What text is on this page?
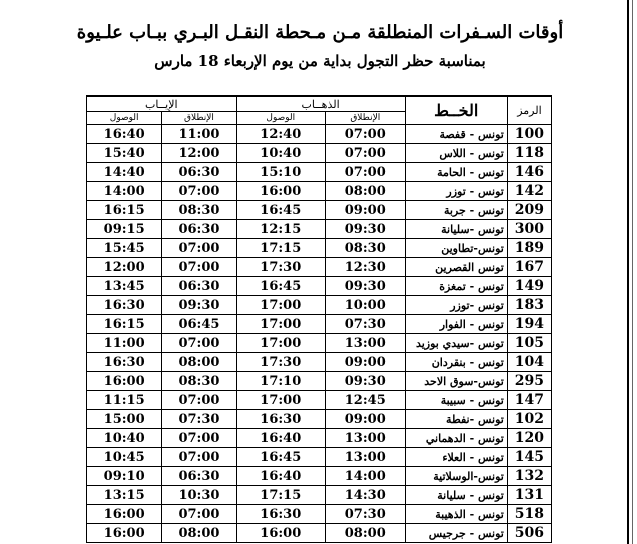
أوقات السـفرات المنطلقة مـن مـحطة النقـل البـري ببـاب علـيوة
بمناسبة حظر التجول بداية من يوم الإربعاء 18 مارس
الإيــاب		الذهــاب		الخــط	الرمز
الوصول	الإنطلاق	الوصول	الإنطلاق		
16:40	11:00	12:40	07:00	تونس - قفصة	100
15:40	12:00	10:40	07:00	تونس - اللاس	118
14:40	06:30	15:10	07:00	تونس - الحامة	146
14:00	07:00	16:00	08:00	تونس - توزر	142
16:15	08:30	16:45	09:00	تونس - جربة	209
09:15	06:30	12:15	09:30	تونس -سليانة	300
15:45	07:00	17:15	08:30	تونس-تطاوين	189
12:00	07:00	17:30	12:30	تونس القصرين	167
13:45	06:30	16:45	09:30	تونس - تمغزة	149
16:30	09:30	17:00	10:00	تونس -توزر	183
16:15	06:45	17:00	07:30	تونس - الفوار	194
11:00	07:00	17:00	13:00	تونس -سيدي بوزيد	105
16:30	08:00	17:30	09:00	تونس - بنقردان	104
16:00	08:30	17:10	09:30	تونس-سوق الاحد	295
11:15	07:00	17:00	12:45	تونس - سبيبة	147
15:00	07:30	16:30	09:00	تونس -نفطة	102
10:40	07:00	16:40	13:00	تونس - الدهماني	120
10:45	07:00	16:45	13:00	تونس - العلاء	145
09:10	06:30	16:40	14:00	تونس-الوسلاتية	132
13:15	10:30	17:15	14:30	تونس - سليانة	131
16:00	07:00	16:30	07:30	تونس - الذهيبة	518
16:00	08:00	16:00	08:00	تونس - جرجيس	506
